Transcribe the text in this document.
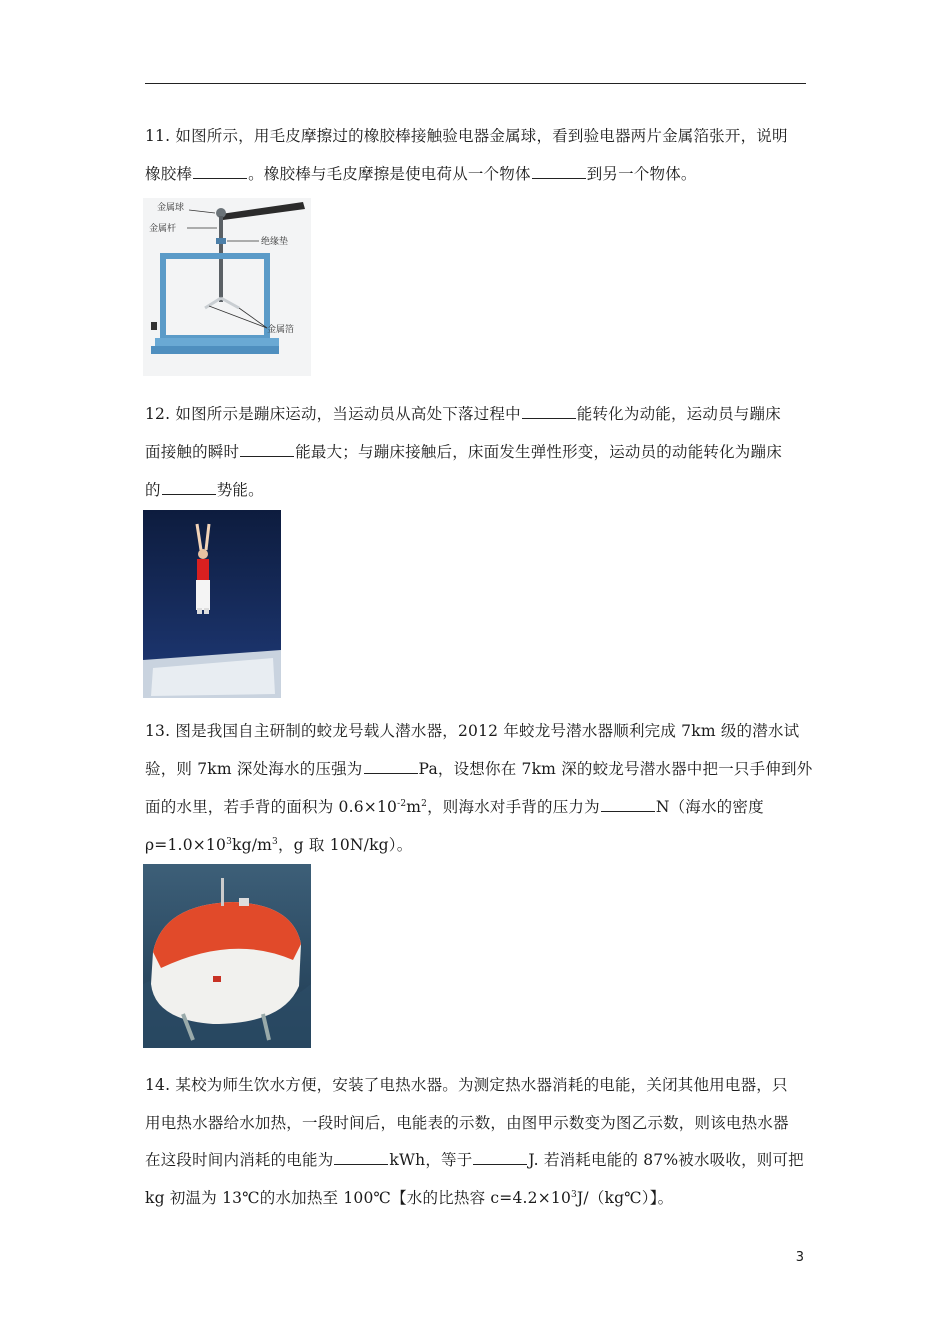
11. 如图所示，用毛皮摩擦过的橡胶棒接触验电器金属球，看到验电器两片金属箔张开，说明
橡胶棒	。橡胶棒与毛皮摩擦是使电荷从一个物体	到另一个物体。
金属球
金属杆
绝缘垫
金属箔
12. 如图所示是蹦床运动，当运动员从高处下落过程中	能转化为动能，运动员与蹦床
面接触的瞬时	能最大；与蹦床接触后，床面发生弹性形变，运动员的动能转化为蹦床
的	势能。
13. 图是我国自主研制的蛟龙号载人潜水器，2012 年蛟龙号潜水器顺利完成 7km 级的潜水试
验，则 7km 深处海水的压强为	Pa，设想你在 7km 深的蛟龙号潜水器中把一只手伸到外
面的水里，若手背的面积为 $0.6\times 10^{-2}m^2$，则海水对手背的压力为	N（海水的密度
$\rho=1.0\times 10^3kg/m^3$，g 取 10N/kg）。
14. 某校为师生饮水方便，安装了电热水器。为测定热水器消耗的电能，关闭其他用电器，只
用电热水器给水加热，一段时间后，电能表的示数，由图甲示数变为图乙示数，则该电热水器
在这段时间内消耗的电能为	kWh，等于	J. 若消耗电能的 87%被水吸收，则可把
kg 初温为 13℃的水加热至 100℃【水的比热容 $c=4.2\times 10^3J/(kg℃)$】。
3
